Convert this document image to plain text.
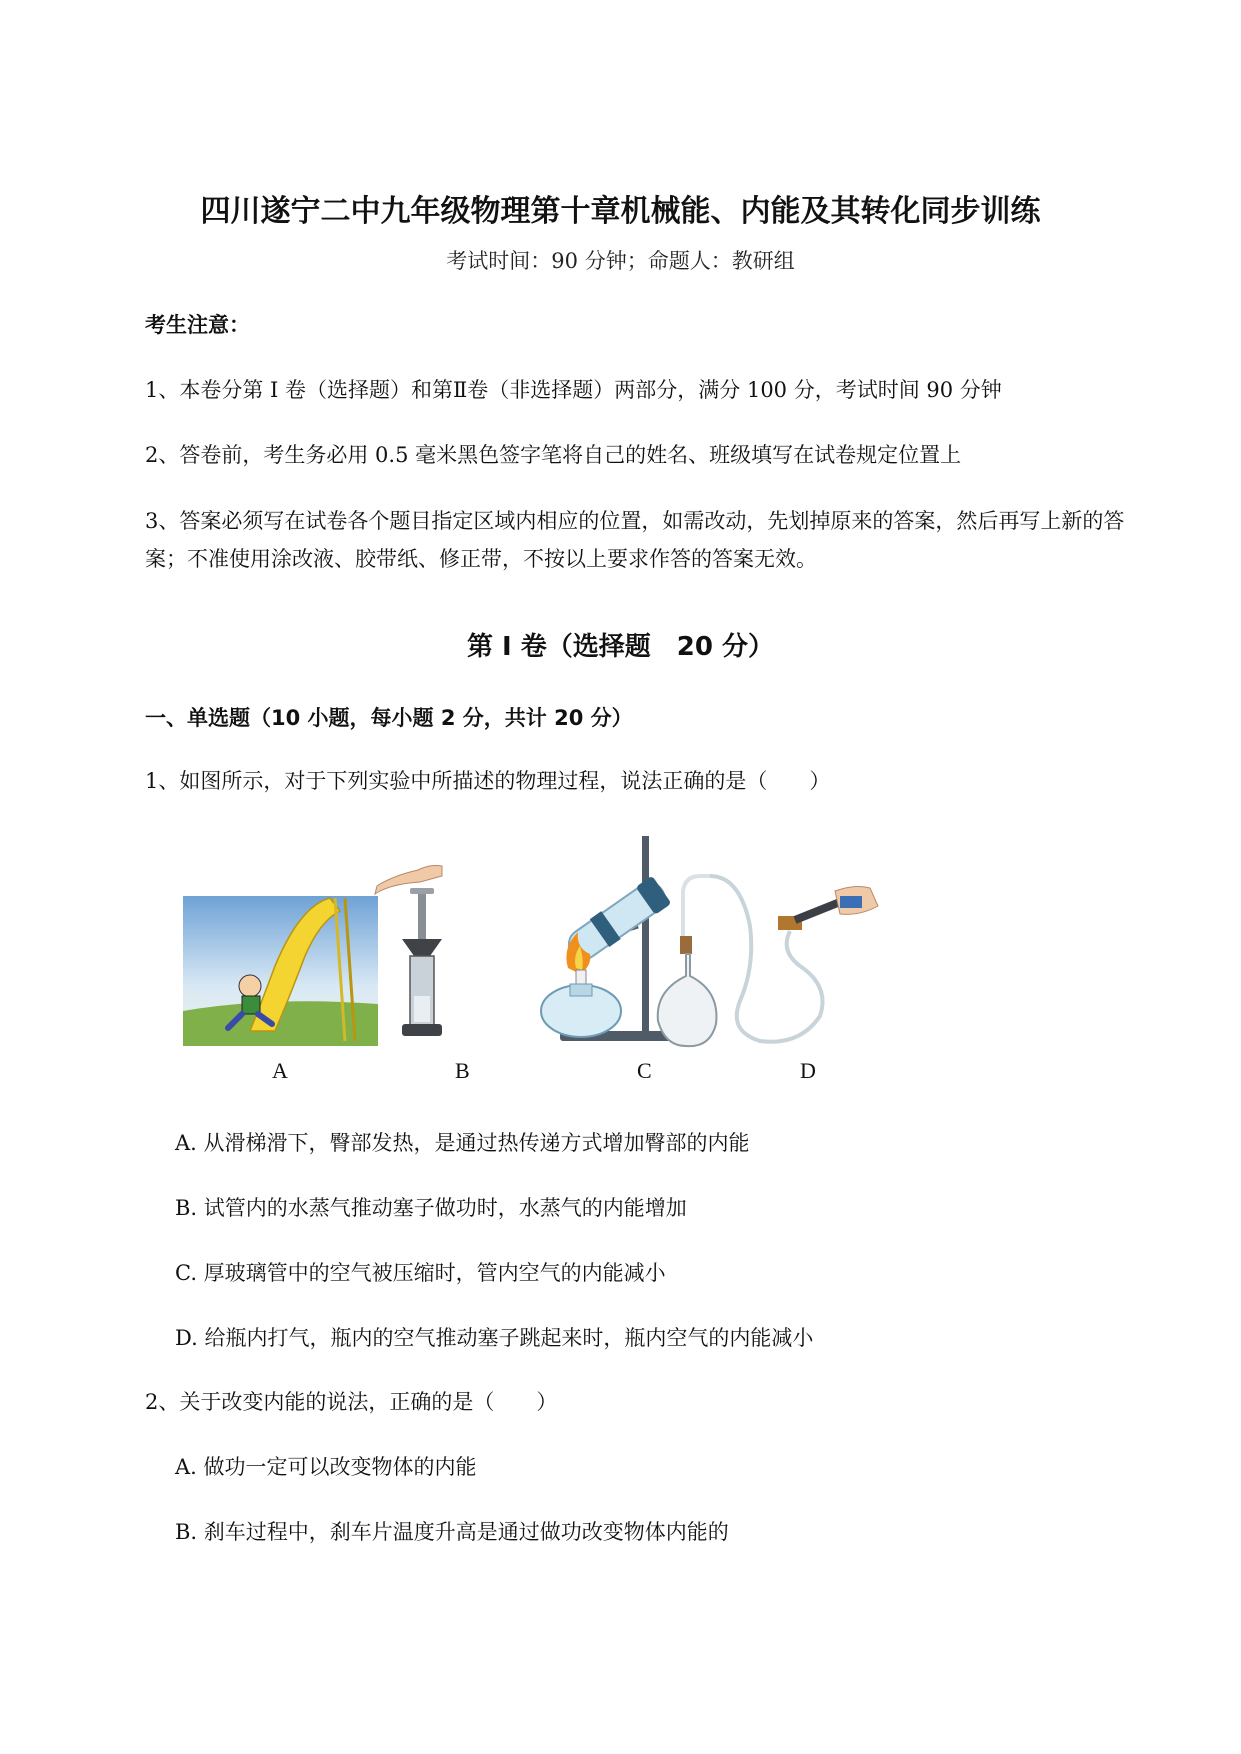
四川遂宁二中九年级物理第十章机械能、内能及其转化同步训练
考试时间：90 分钟；命题人：教研组
考生注意：
1、本卷分第 I 卷（选择题）和第Ⅱ卷（非选择题）两部分，满分 100 分，考试时间 90 分钟
2、答卷前，考生务必用 0.5 毫米黑色签字笔将自己的姓名、班级填写在试卷规定位置上
3、答案必须写在试卷各个题目指定区域内相应的位置，如需改动，先划掉原来的答案，然后再写上新的答案；不准使用涂改液、胶带纸、修正带，不按以上要求作答的答案无效。
第 I 卷（选择题　20 分）
一、单选题（10 小题，每小题 2 分，共计 20 分）
1、如图所示，对于下列实验中所描述的物理过程，说法正确的是（　　）
A	B	C	D
A. 从滑梯滑下，臀部发热，是通过热传递方式增加臀部的内能
B. 试管内的水蒸气推动塞子做功时，水蒸气的内能增加
C. 厚玻璃管中的空气被压缩时，管内空气的内能减小
D. 给瓶内打气，瓶内的空气推动塞子跳起来时，瓶内空气的内能减小
2、关于改变内能的说法，正确的是（　　）
A. 做功一定可以改变物体的内能
B. 刹车过程中，刹车片温度升高是通过做功改变物体内能的
